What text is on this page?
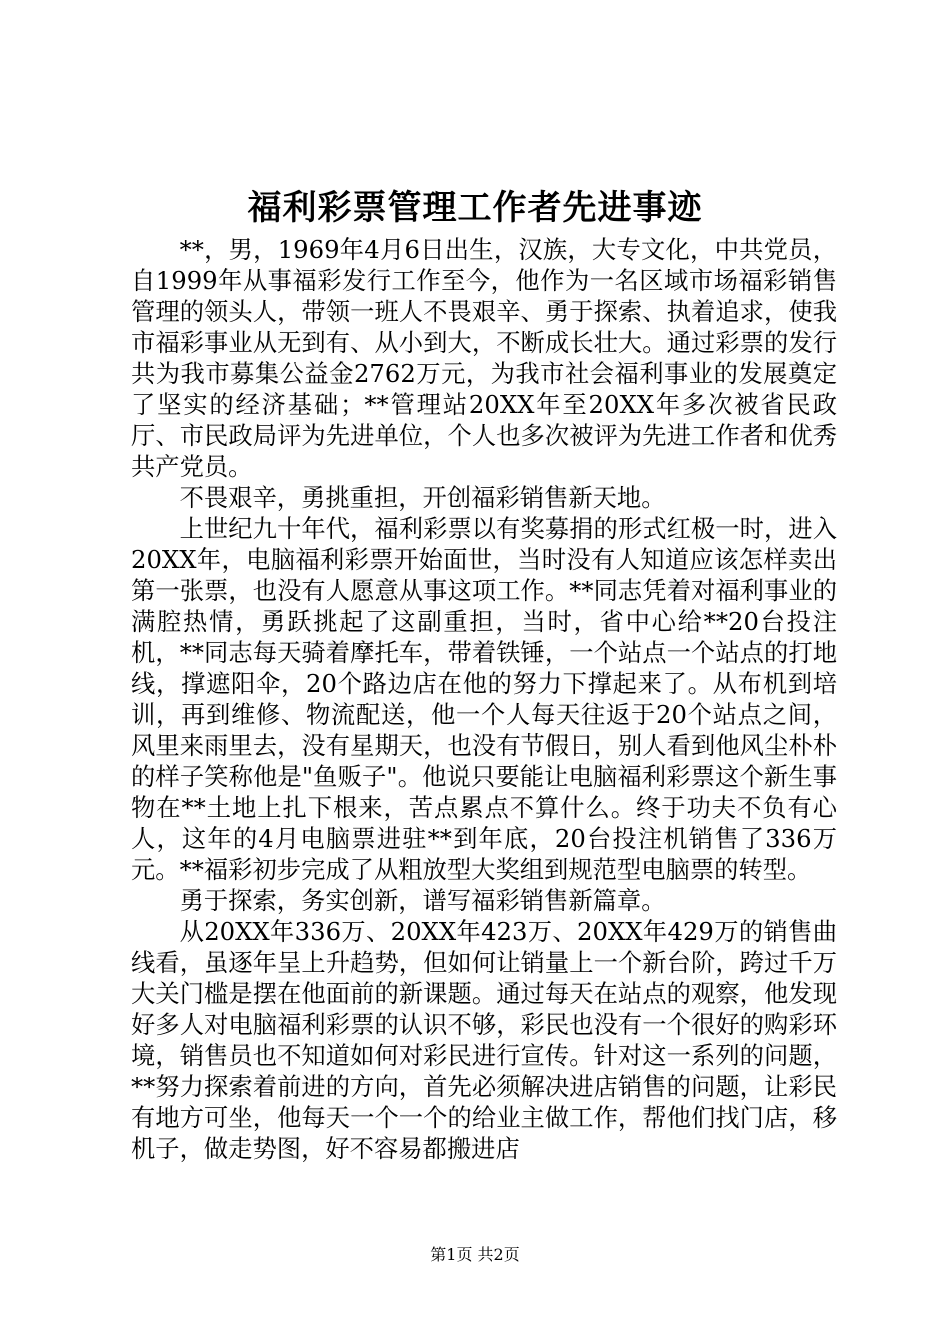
福利彩票管理工作者先进事迹

**，男，1969年4月6日出生，汉族，大专文化，中共党员，自1999年从事福彩发行工作至今，他作为一名区域市场福彩销售管理的领头人，带领一班人不畏艰辛、勇于探索、执着追求，使我市福彩事业从无到有、从小到大，不断成长壮大。通过彩票的发行共为我市募集公益金2762万元，为我市社会福利事业的发展奠定了坚实的经济基础；**管理站20XX年至20XX年多次被省民政厅、市民政局评为先进单位，个人也多次被评为先进工作者和优秀共产党员。

不畏艰辛，勇挑重担，开创福彩销售新天地。

上世纪九十年代，福利彩票以有奖募捐的形式红极一时，进入20XX年，电脑福利彩票开始面世，当时没有人知道应该怎样卖出第一张票，也没有人愿意从事这项工作。**同志凭着对福利事业的满腔热情，勇跃挑起了这副重担，当时，省中心给**20台投注机，**同志每天骑着摩托车，带着铁锤，一个站点一个站点的打地线，撑遮阳伞，20个路边店在他的努力下撑起来了。从布机到培训，再到维修、物流配送，他一个人每天往返于20个站点之间，风里来雨里去，没有星期天，也没有节假日，别人看到他风尘朴朴的样子笑称他是"鱼贩子"。他说只要能让电脑福利彩票这个新生事物在**土地上扎下根来，苦点累点不算什么。终于功夫不负有心人，这年的4月电脑票进驻**到年底，20台投注机销售了336万元。**福彩初步完成了从粗放型大奖组到规范型电脑票的转型。

勇于探索，务实创新，谱写福彩销售新篇章。

从20XX年336万、20XX年423万、20XX年429万的销售曲线看，虽逐年呈上升趋势，但如何让销量上一个新台阶，跨过千万大关门槛是摆在他面前的新课题。通过每天在站点的观察，他发现好多人对电脑福利彩票的认识不够，彩民也没有一个很好的购彩环境，销售员也不知道如何对彩民进行宣传。针对这一系列的问题，**努力探索着前进的方向，首先必须解决进店销售的问题，让彩民有地方可坐，他每天一个一个的给业主做工作，帮他们找门店，移机子，做走势图，好不容易都搬进店

第1页 共2页
